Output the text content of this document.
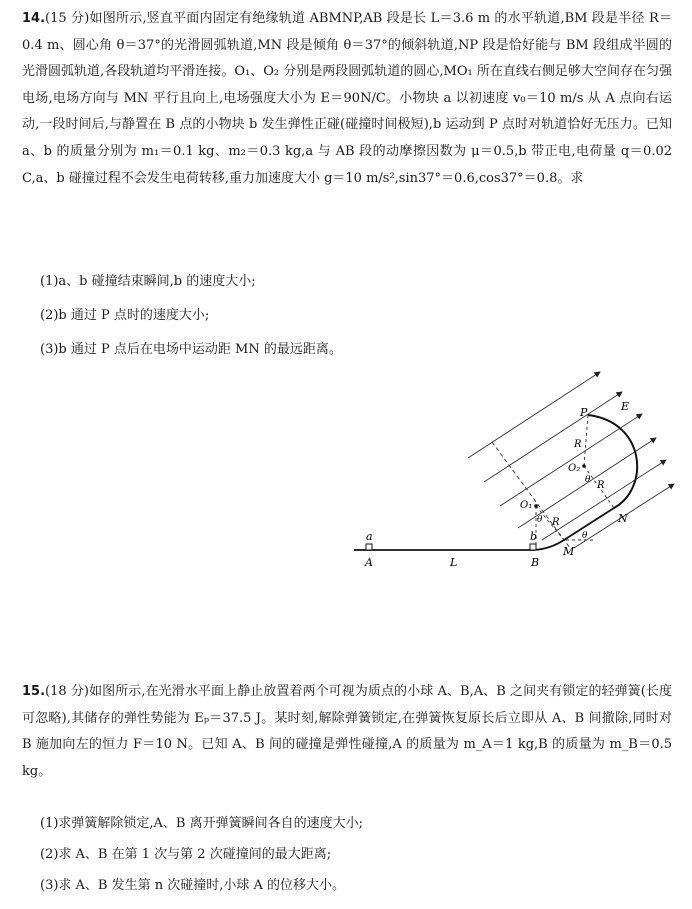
14.(15 分)如图所示,竖直平面内固定有绝缘轨道 ABMNP,AB 段是长 L＝3.6 m 的水平轨道,BM 段是半径 R＝0.4 m、圆心角 θ＝37°的光滑圆弧轨道,MN 段是倾角 θ＝37°的倾斜轨道,NP 段是恰好能与 BM 段组成半圆的光滑圆弧轨道,各段轨道均平滑连接。O₁、O₂ 分别是两段圆弧轨道的圆心,MO₁ 所在直线右侧足够大空间存在匀强电场,电场方向与 MN 平行且向上,电场强度大小为 E＝90N/C。小物块 a 以初速度 v₀＝10 m/s 从 A 点向右运动,一段时间后,与静置在 B 点的小物块 b 发生弹性正碰(碰撞时间极短),b 运动到 P 点时对轨道恰好无压力。已知 a、b 的质量分别为 m₁＝0.1 kg、m₂＝0.3 kg,a 与 AB 段的动摩擦因数为 μ＝0.5,b 带正电,电荷量 q＝0.02 C,a、b 碰撞过程不会发生电荷转移,重力加速度大小 g＝10 m/s²,sin37°＝0.6,cos37°＝0.8。求
(1)a、b 碰撞结束瞬间,b 的速度大小;
(2)b 通过 P 点时的速度大小;
(3)b 通过 P 点后在电场中运动距 MN 的最远距离。
a
A	L
b
B
M
N
P	E
O₁
O₂
R
R
R
θ
θ
θ
15.(18 分)如图所示,在光滑水平面上静止放置着两个可视为质点的小球 A、B,A、B 之间夹有锁定的轻弹簧(长度可忽略),其储存的弹性势能为 Eₚ＝37.5 J。某时刻,解除弹簧锁定,在弹簧恢复原长后立即从 A、B 间撤除,同时对 B 施加向左的恒力 F＝10 N。已知 A、B 间的碰撞是弹性碰撞,A 的质量为 m_A＝1 kg,B 的质量为 m_B＝0.5 kg。
(1)求弹簧解除锁定,A、B 离开弹簧瞬间各自的速度大小;
(2)求 A、B 在第 1 次与第 2 次碰撞间的最大距离;
(3)求 A、B 发生第 n 次碰撞时,小球 A 的位移大小。
